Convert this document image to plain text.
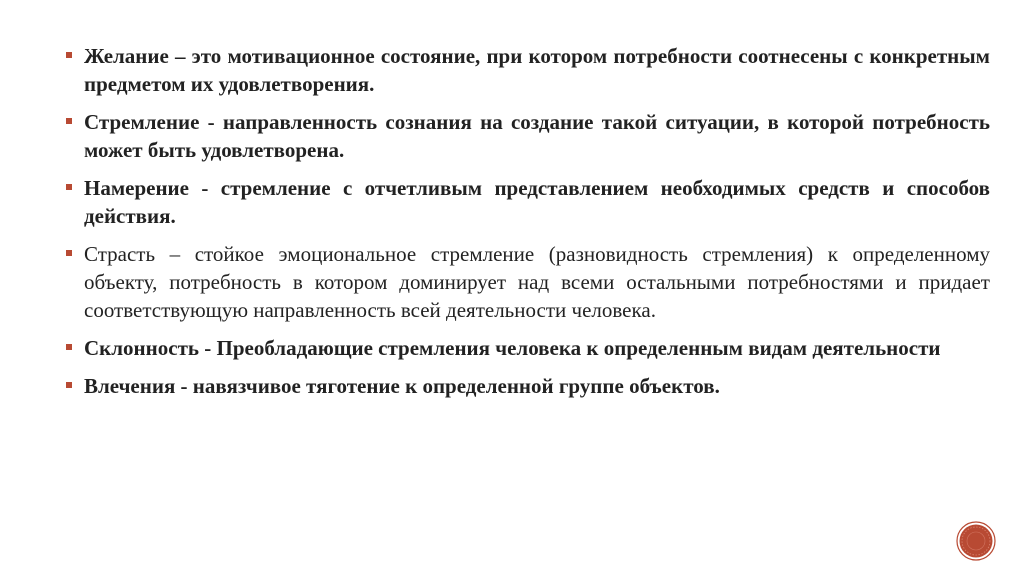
Желание – это мотивационное состояние, при котором потребности соотнесены с конкретным предметом их удовлетворения.
Стремление - направленность сознания на создание такой ситуации, в которой потребность может быть удовлетворена.
Намерение - стремление с отчетливым представлением необходимых средств и способов действия.
Страсть – стойкое эмоциональное стремление (разновидность стремления) к определенному объекту, потребность в котором доминирует над всеми остальными потребностями и придает соответствующую направленность всей деятельности человека.
Склонность - Преобладающие стремления человека к определенным видам деятельности
Влечения - навязчивое тяготение к определенной группе объектов.
